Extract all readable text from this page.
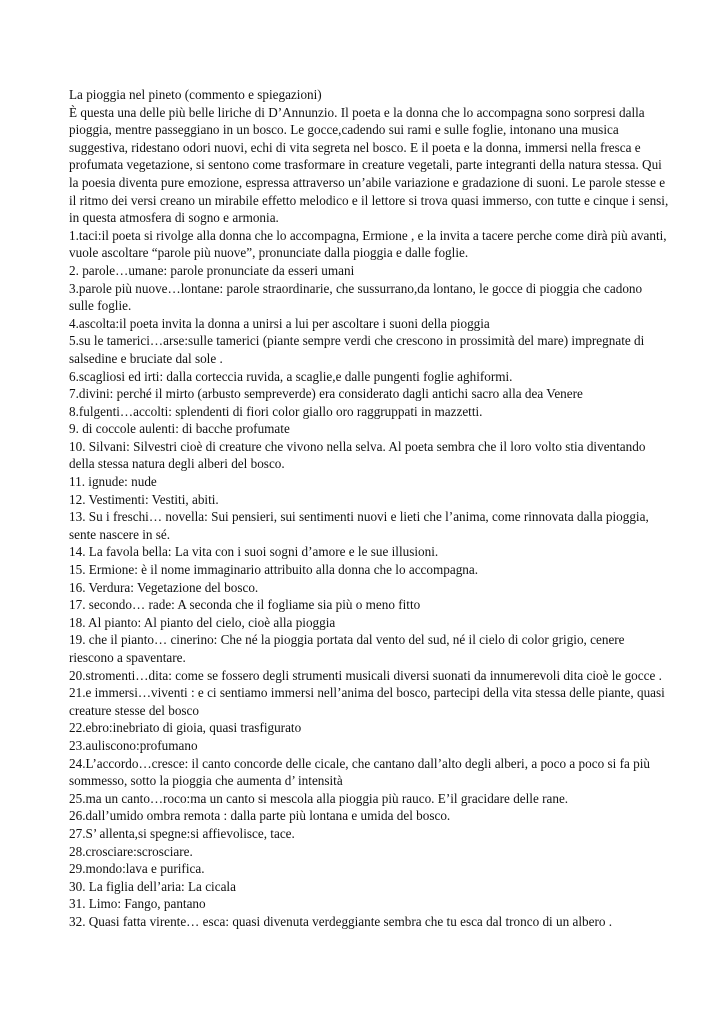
La pioggia nel pineto (commento e spiegazioni)

È questa una delle più belle liriche di D’Annunzio. Il poeta e la donna che lo accompagna sono sorpresi dalla pioggia, mentre passeggiano in un bosco. Le gocce,cadendo sui rami e sulle foglie, intonano una musica suggestiva, ridestano odori nuovi, echi di vita segreta nel bosco. E il poeta e la donna, immersi nella fresca e profumata vegetazione, si sentono come trasformare in creature vegetali, parte integranti della natura stessa. Qui la poesia diventa pure emozione, espressa attraverso un’abile variazione e gradazione di suoni. Le parole stesse e il ritmo dei versi creano un mirabile effetto melodico e il lettore si trova quasi immerso, con tutte e cinque i sensi, in questa atmosfera di sogno e armonia.

1.taci:il poeta si rivolge alla donna che lo accompagna, Ermione , e la invita a tacere perche come dirà più avanti, vuole ascoltare “parole più nuove”, pronunciate dalla pioggia e dalle foglie.

2. parole…umane: parole pronunciate da esseri umani

3.parole più nuove…lontane: parole straordinarie, che sussurrano,da lontano, le gocce di pioggia che cadono sulle foglie.

4.ascolta:il poeta invita la donna a unirsi a lui per ascoltare i suoni della pioggia

5.su le tamerici…arse:sulle tamerici (piante sempre verdi che crescono in prossimità del mare) impregnate di salsedine e bruciate dal sole .

6.scagliosi ed irti: dalla corteccia ruvida, a scaglie,e dalle pungenti foglie aghiformi.

7.divini: perché il mirto (arbusto sempreverde) era considerato dagli antichi sacro alla dea Venere

8.fulgenti…accolti: splendenti di fiori color giallo oro raggruppati in mazzetti.

9. di coccole aulenti: di bacche profumate

10. Silvani: Silvestri cioè di creature che vivono nella selva. Al poeta sembra che il loro volto stia diventando della stessa natura degli alberi del bosco.

11. ignude: nude

12. Vestimenti: Vestiti, abiti.

13. Su i freschi… novella: Sui pensieri, sui sentimenti nuovi e lieti che l’anima, come rinnovata dalla pioggia, sente nascere in sé.

14. La favola bella: La vita con i suoi sogni d’amore e le sue illusioni.

15. Ermione: è il nome immaginario attribuito alla donna che lo accompagna.

16. Verdura: Vegetazione del bosco.

17. secondo… rade: A seconda che il fogliame sia più o meno fitto

18. Al pianto: Al pianto del cielo, cioè alla pioggia

19. che il pianto… cinerino: Che né la pioggia portata dal vento del sud, né il cielo di color grigio, cenere riescono a spaventare.

20.stromenti…dita: come se fossero degli strumenti musicali diversi suonati da innumerevoli dita cioè le gocce .

21.e immersi…viventi : e ci sentiamo immersi nell’anima del bosco, partecipi della vita stessa delle piante, quasi creature stesse del bosco

22.ebro:inebriato di gioia, quasi trasfigurato

23.auliscono:profumano

24.L’accordo…cresce: il canto concorde delle cicale, che cantano dall’alto degli alberi, a poco a poco si fa più sommesso, sotto la pioggia che aumenta d’ intensità

25.ma un canto…roco:ma un canto si mescola alla pioggia più rauco. E’il gracidare delle rane.

26.dall’umido ombra remota : dalla parte più lontana e umida del bosco.

27.S’ allenta,si spegne:si affievolisce, tace.

28.crosciare:scrosciare.

29.mondo:lava e purifica.

30. La figlia dell’aria: La cicala

31. Limo: Fango, pantano

32. Quasi fatta virente… esca: quasi divenuta verdeggiante sembra che tu esca dal tronco di un albero .
